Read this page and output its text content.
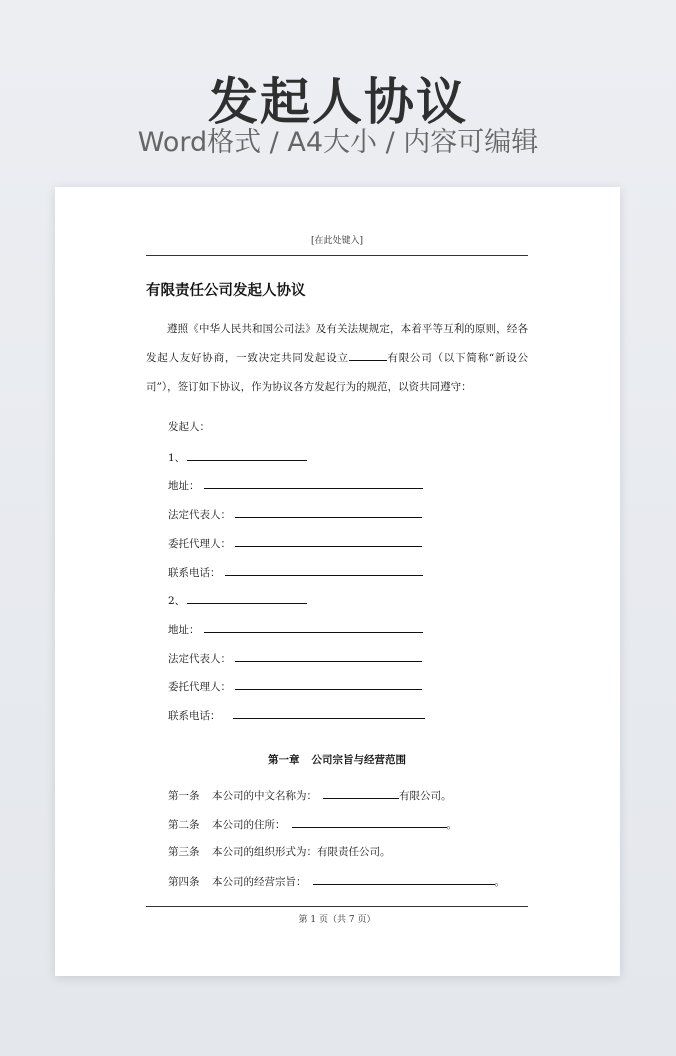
发起人协议

Word格式 / A4大小 / 内容可编辑

[在此处键入]
有限责任公司发起人协议
遵照《中华人民共和国公司法》及有关法规规定，本着平等互利的原则，经各发起人友好协商，一致决定共同发起设立	有限公司（以下简称“新设公司”），签订如下协议，作为协议各方发起行为的规范，以资共同遵守：
发起人：
1、
地址：
法定代表人：
委托代理人：
联系电话：
2、
地址：
法定代表人：
委托代理人：
联系电话：
第一章 公司宗旨与经营范围
第一条 本公司的中文名称为：	有限公司。
第二条 本公司的住所：	。
第三条 本公司的组织形式为：有限责任公司。
第四条 本公司的经营宗旨：	。
第 1 页（共 7 页）
